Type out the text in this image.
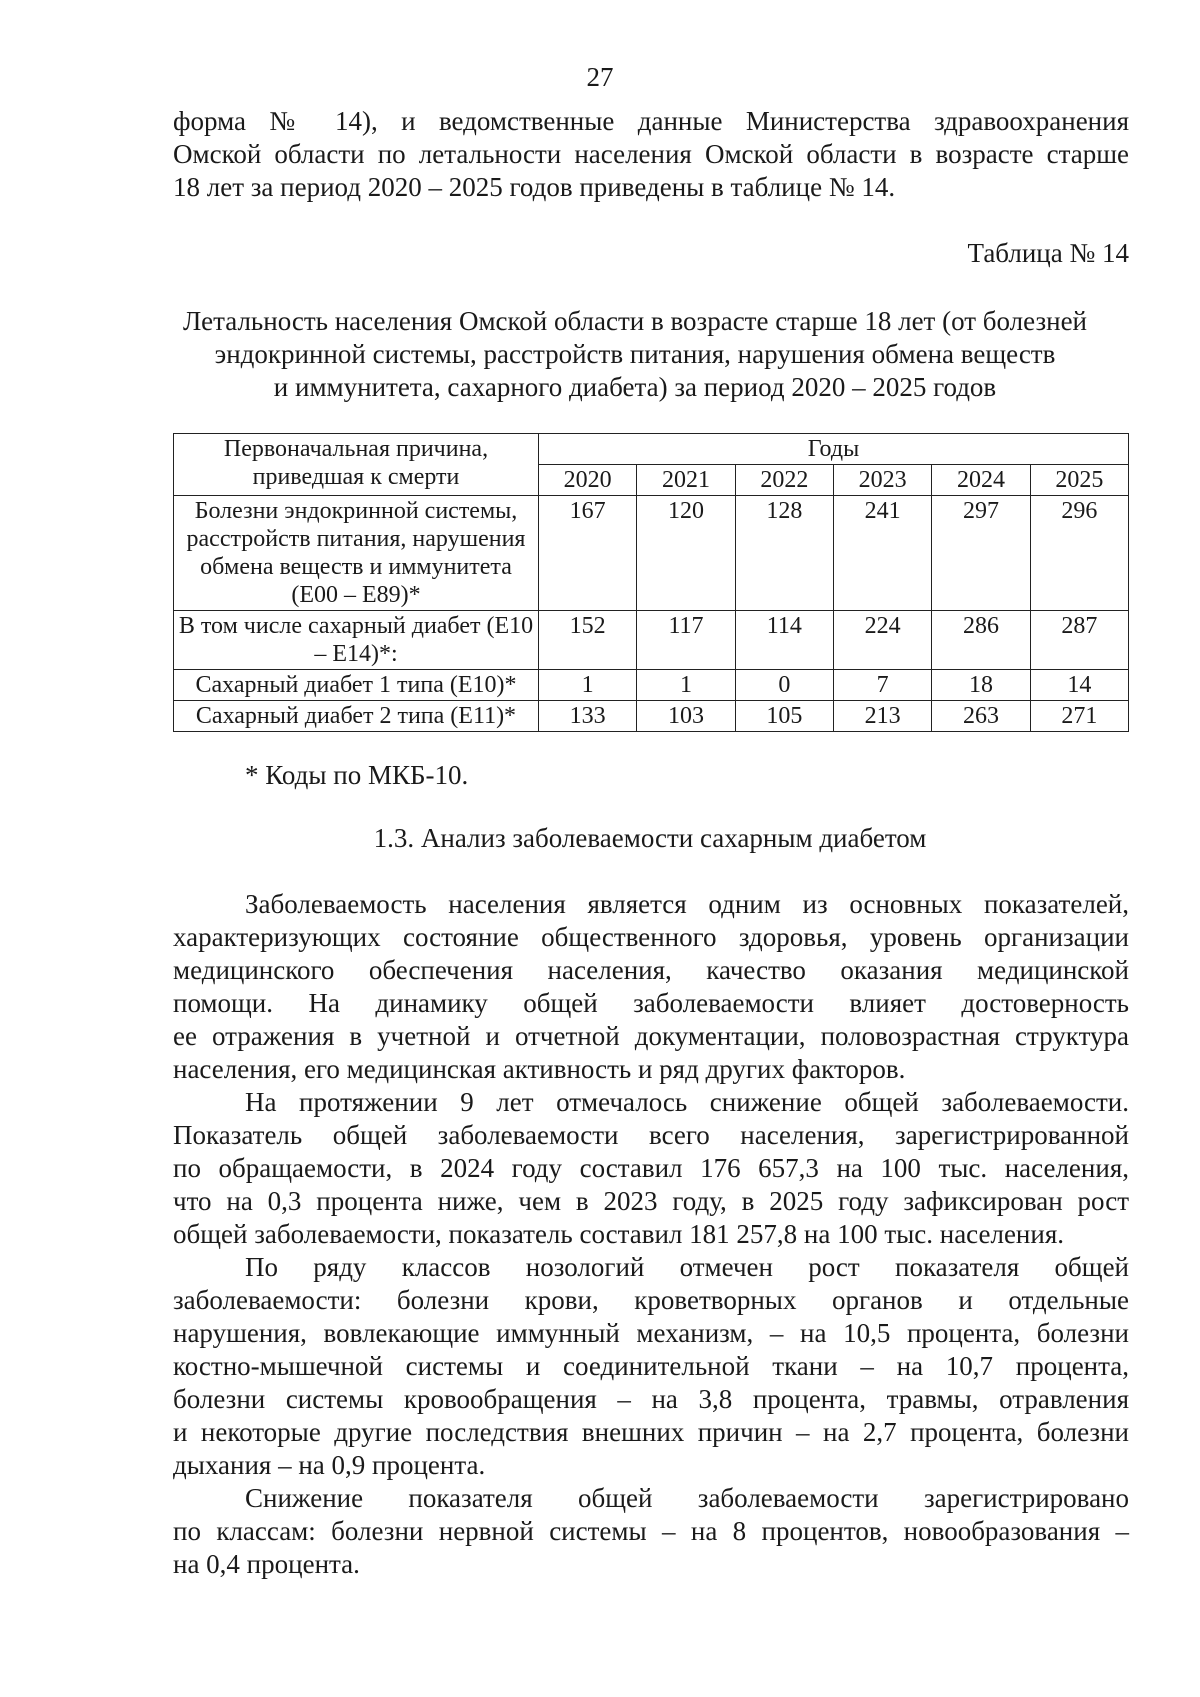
27
форма № 14), и ведомственные данные Министерства здравоохранения
Омской области по летальности населения Омской области в возрасте старше
18 лет за период 2020 – 2025 годов приведены в таблице № 14.
Таблица № 14
Летальность населения Омской области в возрасте старше 18 лет (от болезней
эндокринной системы, расстройств питания, нарушения обмена веществ
и иммунитета, сахарного диабета) за период 2020 – 2025 годов
Первоначальная причина, приведшая к смерти	Годы					
	2020	2021	2022	2023	2024	2025
Болезни эндокринной системы, расстройств питания, нарушения обмена веществ и иммунитета (E00 – E89)*	167	120	128	241	297	296
В том числе сахарный диабет (E10 – E14)*:	152	117	114	224	286	287
Сахарный диабет 1 типа (E10)*	1	1	0	7	18	14
Сахарный диабет 2 типа (E11)*	133	103	105	213	263	271
* Коды по МКБ-10.
1.3. Анализ заболеваемости сахарным диабетом
Заболеваемость населения является одним из основных показателей,
характеризующих состояние общественного здоровья, уровень организации
медицинского обеспечения населения, качество оказания медицинской
помощи. На динамику общей заболеваемости влияет достоверность
ее отражения в учетной и отчетной документации, половозрастная структура
населения, его медицинская активность и ряд других факторов.
На протяжении 9 лет отмечалось снижение общей заболеваемости.
Показатель общей заболеваемости всего населения, зарегистрированной
по обращаемости, в 2024 году составил 176 657,3 на 100 тыс. населения,
что на 0,3 процента ниже, чем в 2023 году, в 2025 году зафиксирован рост
общей заболеваемости, показатель составил 181 257,8 на 100 тыс. населения.
По ряду классов нозологий отмечен рост показателя общей
заболеваемости: болезни крови, кроветворных органов и отдельные
нарушения, вовлекающие иммунный механизм, – на 10,5 процента, болезни
костно-мышечной системы и соединительной ткани – на 10,7 процента,
болезни системы кровообращения – на 3,8 процента, травмы, отравления
и некоторые другие последствия внешних причин – на 2,7 процента, болезни
дыхания – на 0,9 процента.
Снижение показателя общей заболеваемости зарегистрировано
по классам: болезни нервной системы – на 8 процентов, новообразования –
на 0,4 процента.
